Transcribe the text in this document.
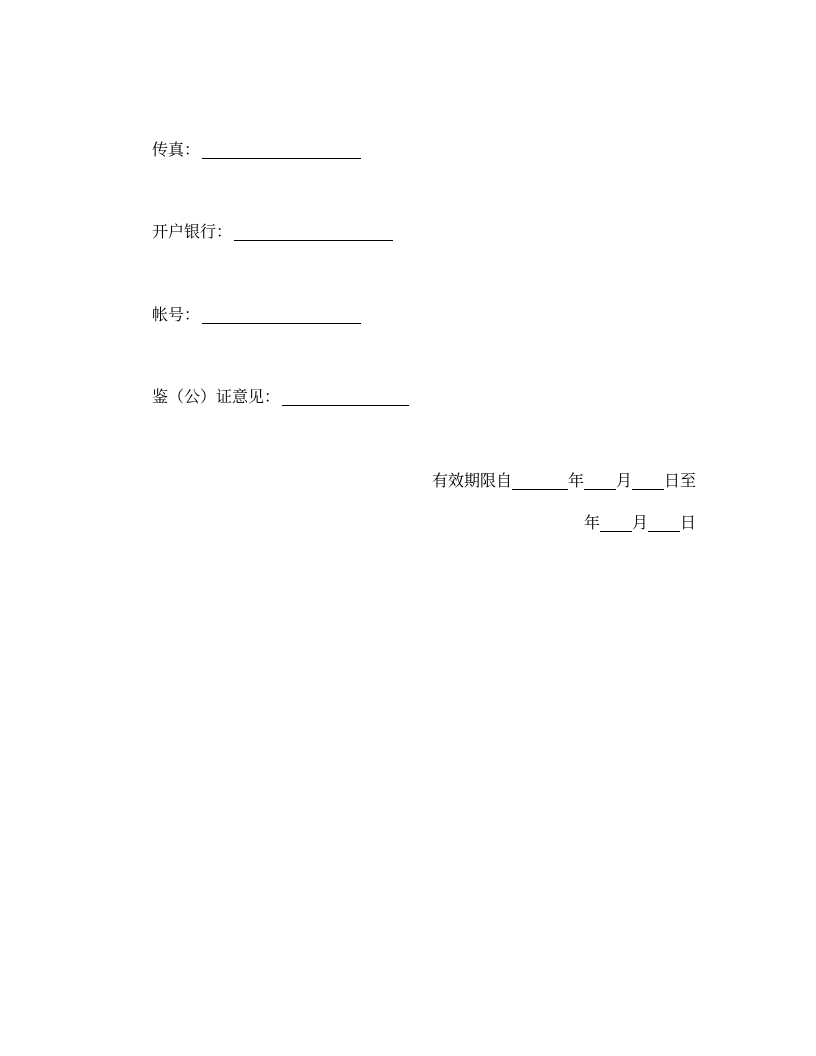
传真：
开户银行：
帐号：
鉴（公）证意见：
有效期限自	年 月 日至
年 月 日
